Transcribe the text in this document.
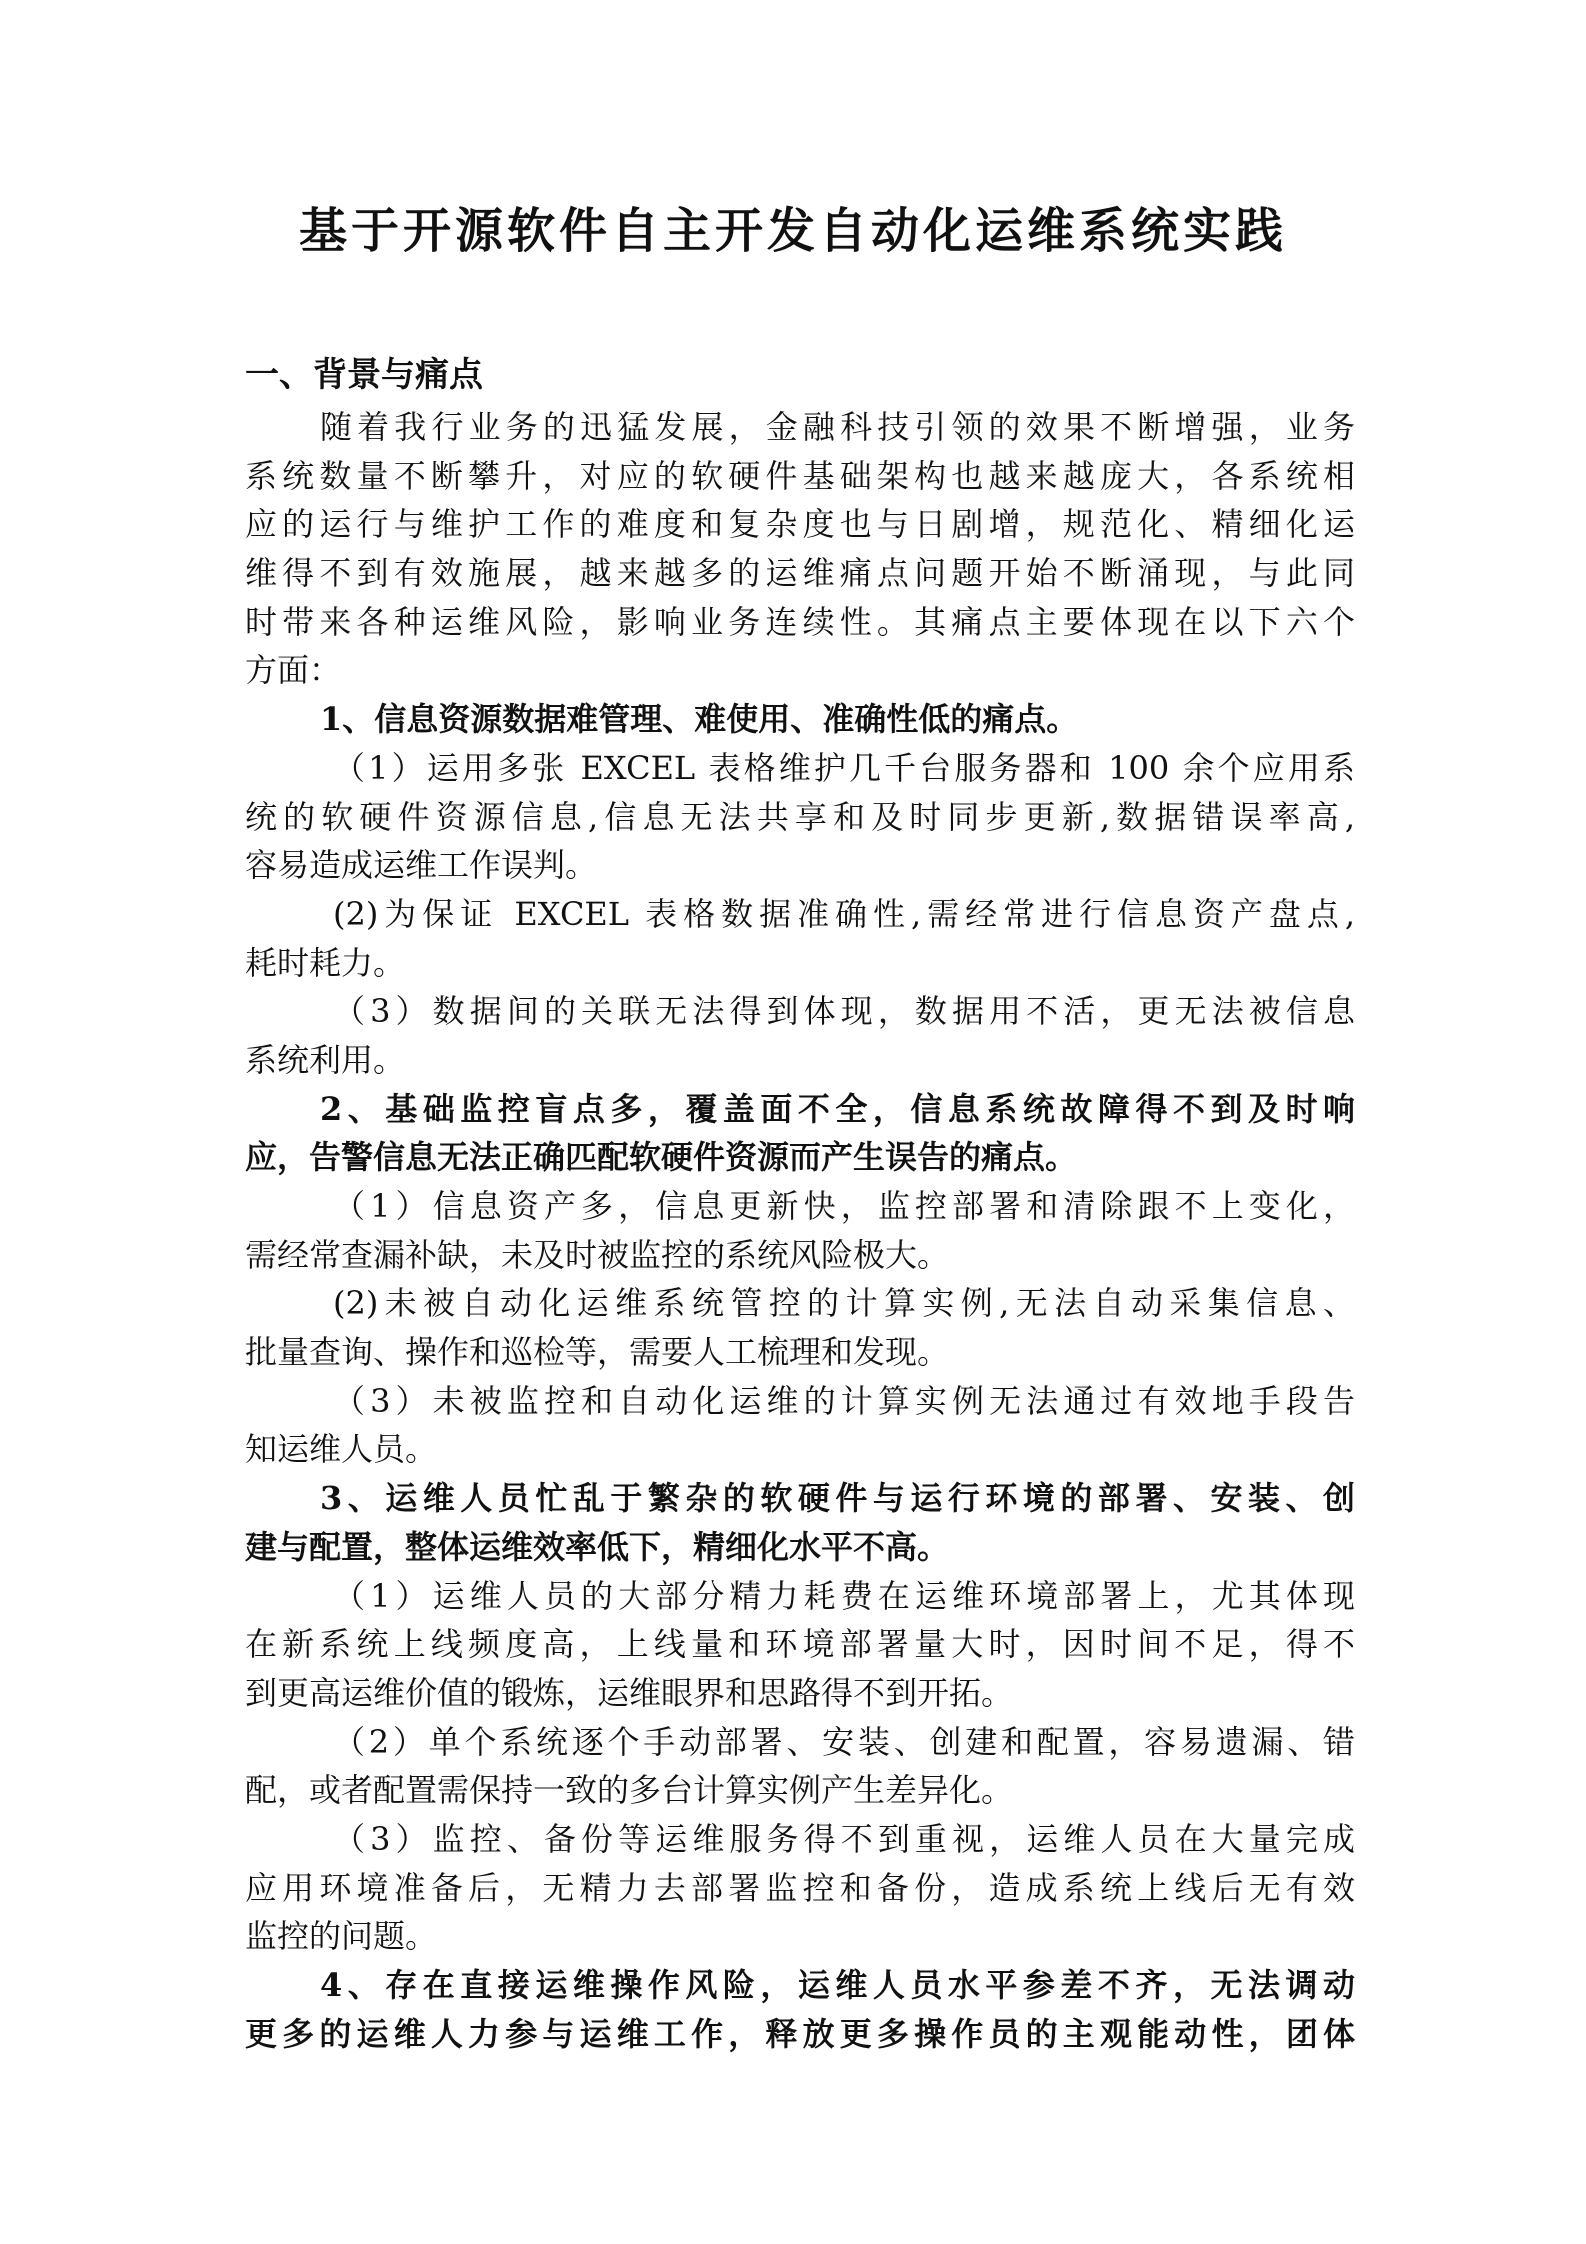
基于开源软件自主开发自动化运维系统实践
一、背景与痛点
随着我行业务的迅猛发展，金融科技引领的效果不断增强，业务
系统数量不断攀升，对应的软硬件基础架构也越来越庞大，各系统相
应的运行与维护工作的难度和复杂度也与日剧增，规范化、精细化运
维得不到有效施展，越来越多的运维痛点问题开始不断涌现，与此同
时带来各种运维风险，影响业务连续性。其痛点主要体现在以下六个
方面：
1、信息资源数据难管理、难使用、准确性低的痛点。
（1）运用多张 EXCEL 表格维护几千台服务器和 100 余个应用系
统的软硬件资源信息,信息无法共享和及时同步更新,数据错误率高,
容易造成运维工作误判。
(2)为保证 EXCEL 表格数据准确性,需经常进行信息资产盘点,
耗时耗力。
（3）数据间的关联无法得到体现，数据用不活，更无法被信息
系统利用。
2、基础监控盲点多，覆盖面不全，信息系统故障得不到及时响
应，告警信息无法正确匹配软硬件资源而产生误告的痛点。
（1）信息资产多，信息更新快，监控部署和清除跟不上变化，
需经常查漏补缺，未及时被监控的系统风险极大。
(2)未被自动化运维系统管控的计算实例,无法自动采集信息、
批量查询、操作和巡检等，需要人工梳理和发现。
（3）未被监控和自动化运维的计算实例无法通过有效地手段告
知运维人员。
3、运维人员忙乱于繁杂的软硬件与运行环境的部署、安装、创
建与配置，整体运维效率低下，精细化水平不高。
（1）运维人员的大部分精力耗费在运维环境部署上，尤其体现
在新系统上线频度高，上线量和环境部署量大时，因时间不足，得不
到更高运维价值的锻炼，运维眼界和思路得不到开拓。
（2）单个系统逐个手动部署、安装、创建和配置，容易遗漏、错
配，或者配置需保持一致的多台计算实例产生差异化。
（3）监控、备份等运维服务得不到重视，运维人员在大量完成
应用环境准备后，无精力去部署监控和备份，造成系统上线后无有效
监控的问题。
4、存在直接运维操作风险，运维人员水平参差不齐，无法调动
更多的运维人力参与运维工作，释放更多操作员的主观能动性，团体
